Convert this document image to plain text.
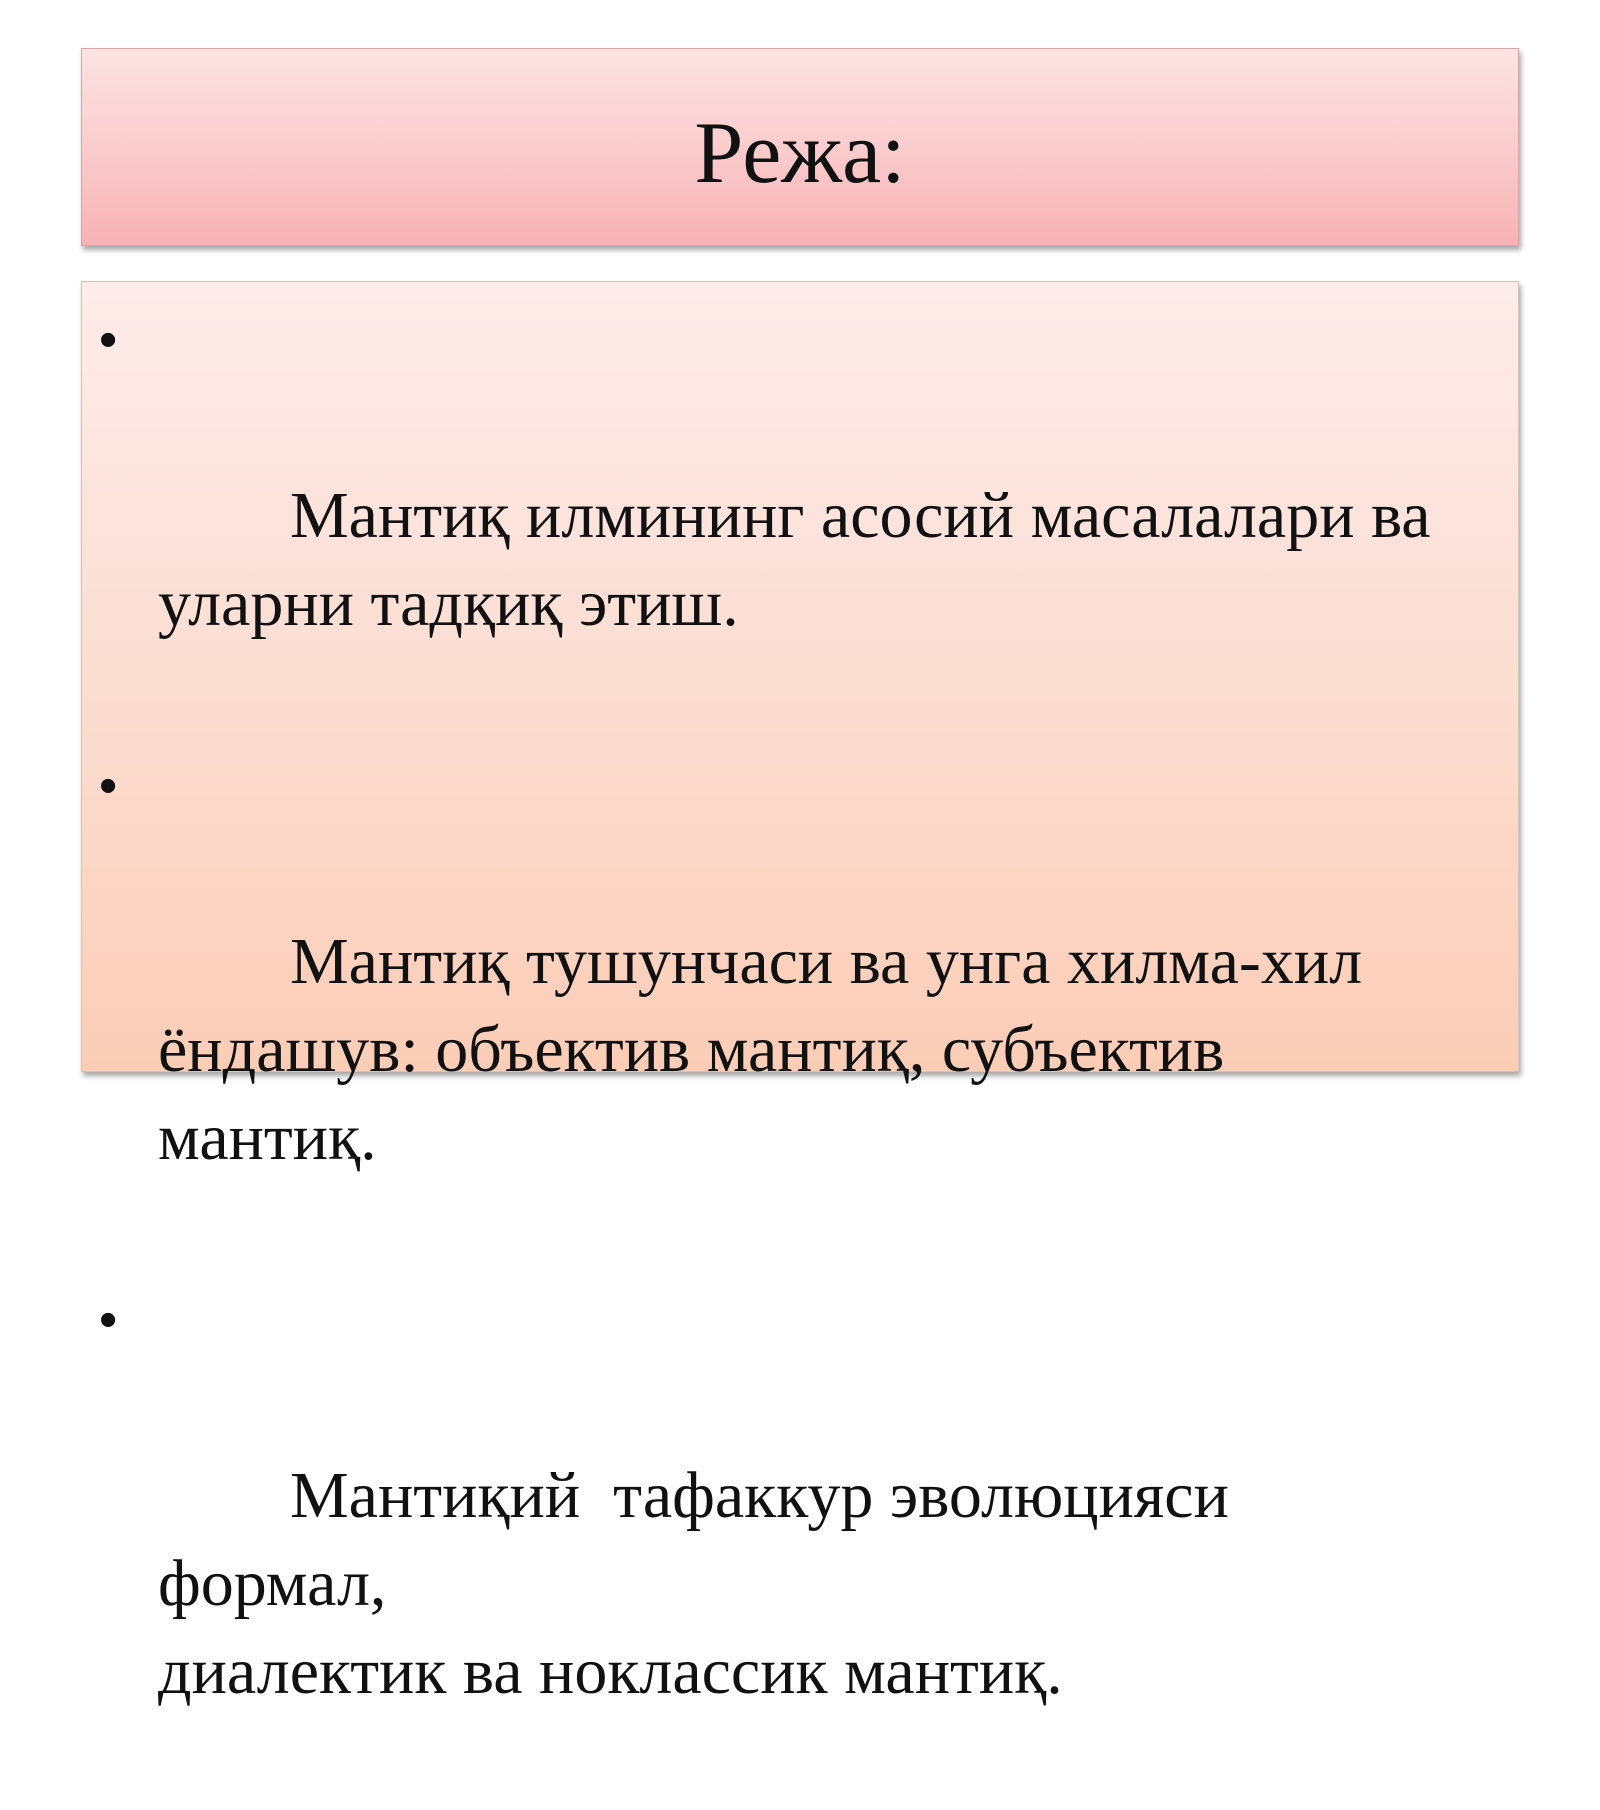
Режа:

•

Мантиқ илмининг асосий масалалари ва
уларни тадқиқ этиш.

•

Мантиқ тушунчаси ва унга хилма-хил
ёндашув: объектив мантиқ, субъектив
мантиқ.

•

Мантиқий  тафаккур эволюцияси  формал,
диалектик ва ноклассик мантиқ.
